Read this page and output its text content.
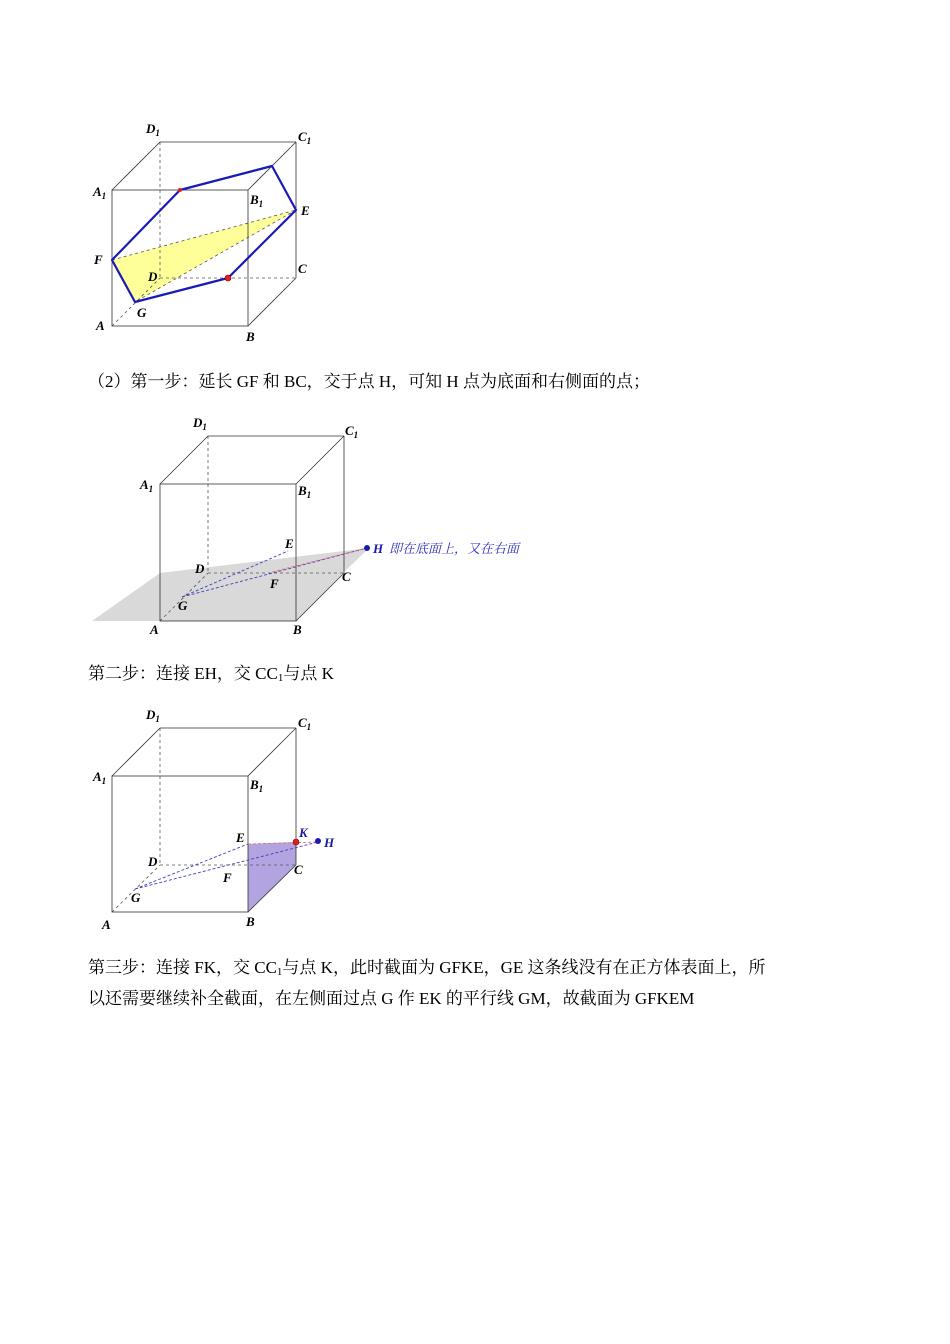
$D_1$	$C_1$
$A_1$	$B_1$	E
F
D
C
A
G
B
$D_1$	$C_1$
$A_1$	$B_1$
E
D
F	C
G
A	B
H 即在底面上，又在右面
$D_1$	$C_1$
$A_1$	$B_1$
E	K
H
D
F
C
G
A	B
（2）第一步：延长 GF 和 BC，交于点 H，可知 H 点为底面和右侧面的点；
第二步：连接 EH，交 $CC_1$与点 K
第三步：连接 FK，交 $CC_1$与点 K，此时截面为 GFKE，GE 这条线没有在正方体表面上，所
以还需要继续补全截面，在左侧面过点 G 作 EK 的平行线 GM，故截面为 GFKEM
